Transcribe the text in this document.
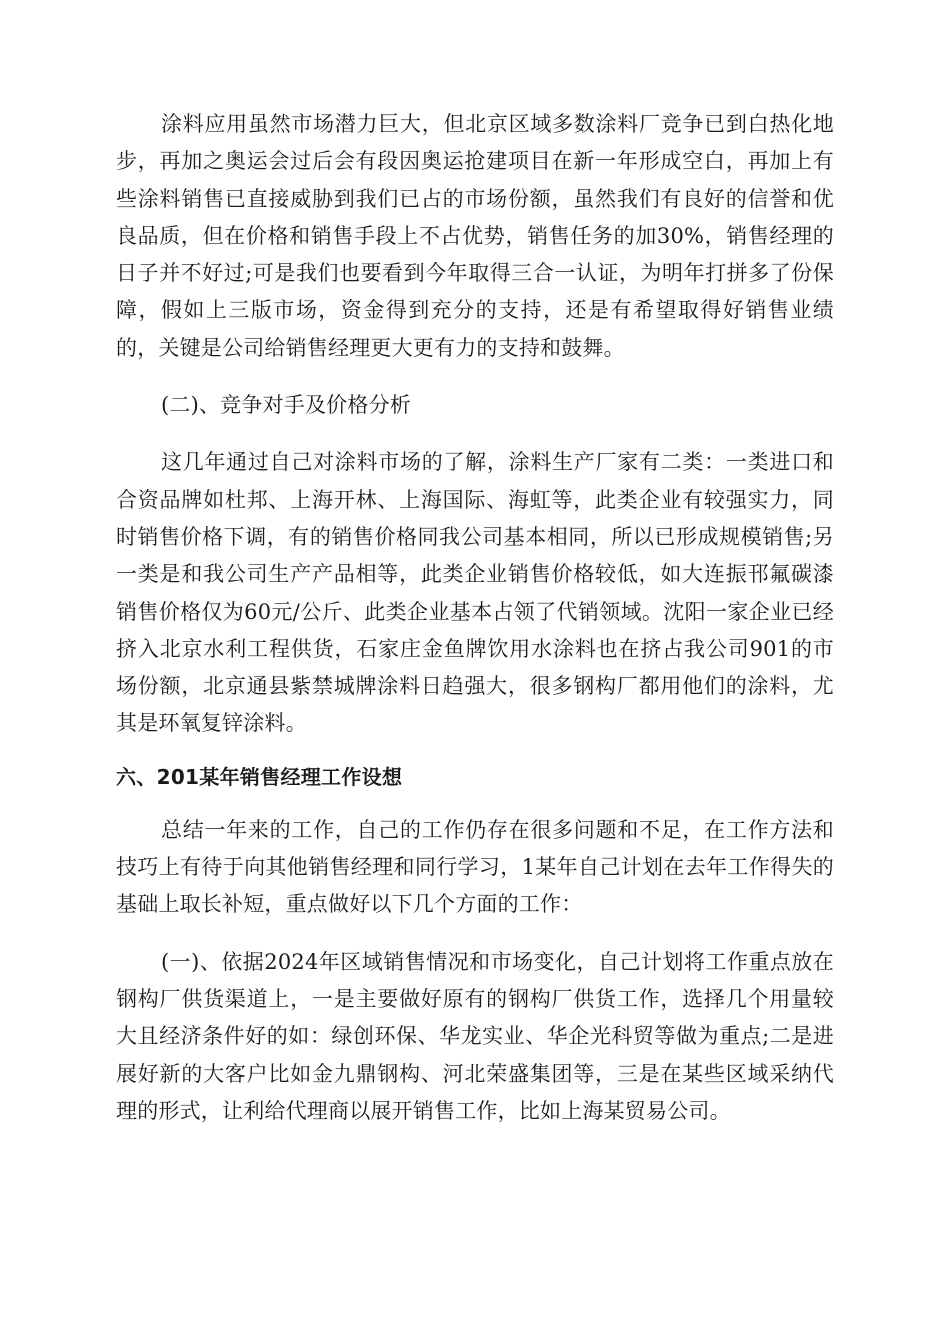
涂料应用虽然市场潜力巨大，但北京区域多数涂料厂竞争已到白热化地步，再加之奥运会过后会有段因奥运抢建项目在新一年形成空白，再加上有些涂料销售已直接威胁到我们已占的市场份额，虽然我们有良好的信誉和优良品质，但在价格和销售手段上不占优势，销售任务的加30%，销售经理的日子并不好过;可是我们也要看到今年取得三合一认证，为明年打拼多了份保障，假如上三版市场，资金得到充分的支持，还是有希望取得好销售业绩的，关键是公司给销售经理更大更有力的支持和鼓舞。

(二)、竞争对手及价格分析

这几年通过自己对涂料市场的了解，涂料生产厂家有二类：一类进口和合资品牌如杜邦、上海开林、上海国际、海虹等，此类企业有较强实力，同时销售价格下调，有的销售价格同我公司基本相同，所以已形成规模销售;另一类是和我公司生产产品相等，此类企业销售价格较低，如大连振邗氟碳漆销售价格仅为60元/公斤、此类企业基本占领了代销领域。沈阳一家企业已经挤入北京水利工程供货，石家庄金鱼牌饮用水涂料也在挤占我公司901的市场份额，北京通县紫禁城牌涂料日趋强大，很多钢构厂都用他们的涂料，尤其是环氧复锌涂料。

六、201某年销售经理工作设想

总结一年来的工作，自己的工作仍存在很多问题和不足，在工作方法和技巧上有待于向其他销售经理和同行学习，1某年自己计划在去年工作得失的基础上取长补短，重点做好以下几个方面的工作：

(一)、依据2024年区域销售情况和市场变化，自己计划将工作重点放在钢构厂供货渠道上，一是主要做好原有的钢构厂供货工作，选择几个用量较大且经济条件好的如：绿创环保、华龙实业、华企光科贸等做为重点;二是进展好新的大客户比如金九鼎钢构、河北荣盛集团等，三是在某些区域采纳代理的形式，让利给代理商以展开销售工作，比如上海某贸易公司。
